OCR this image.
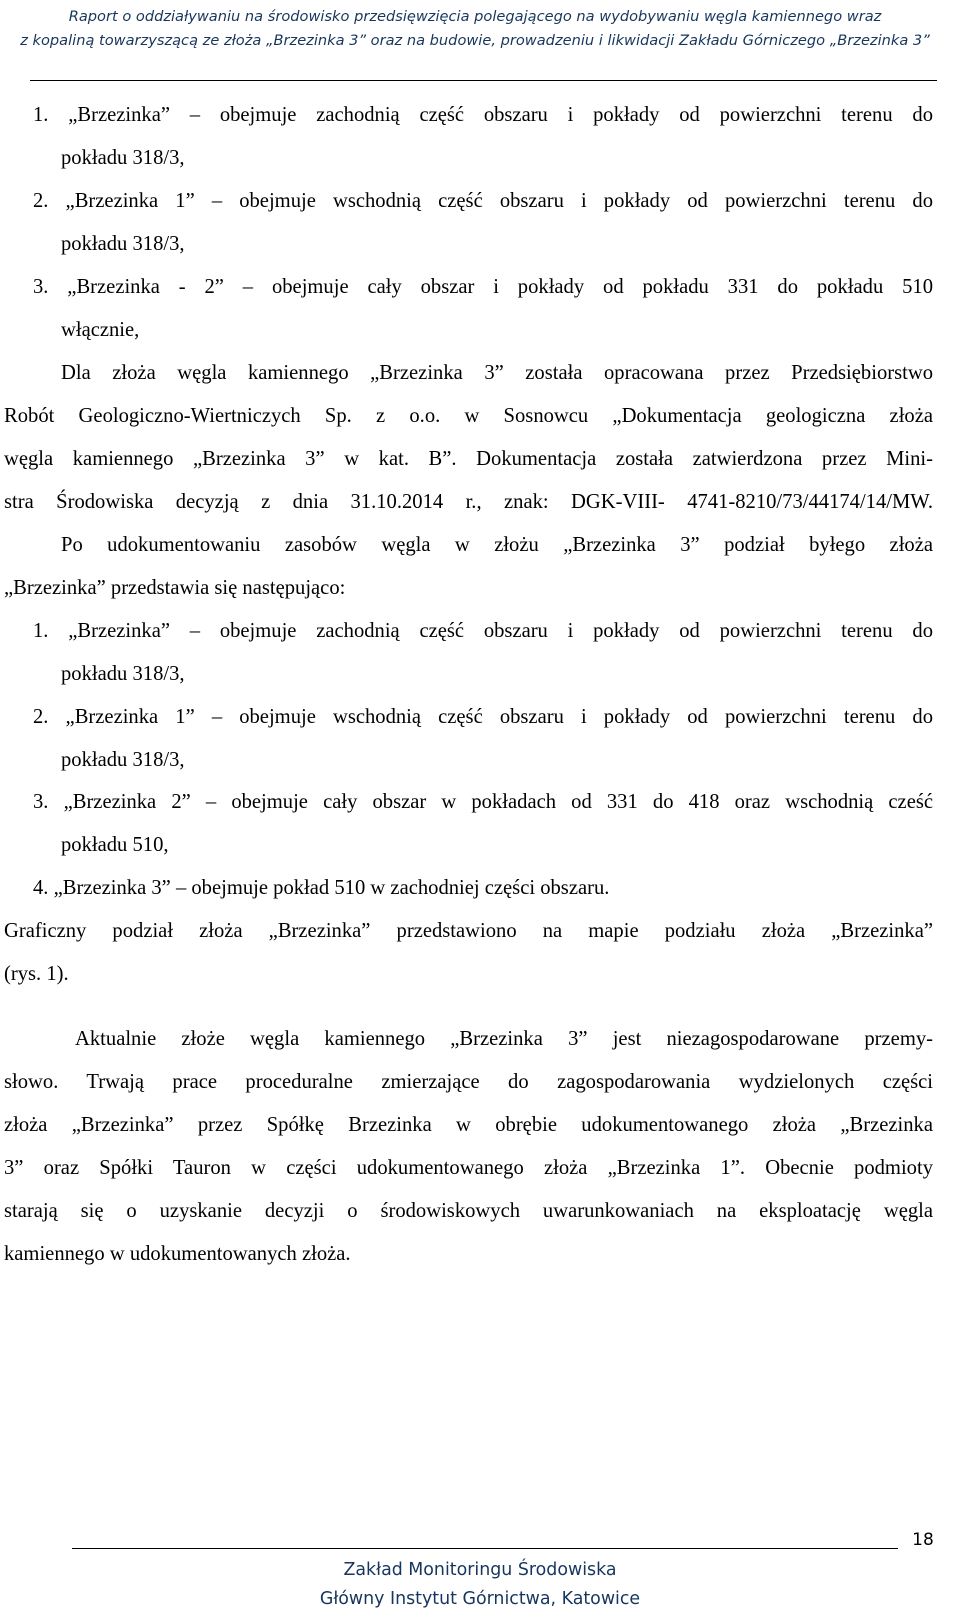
Raport o oddziaływaniu na środowisko przedsięwzięcia polegającego na wydobywaniu węgla kamiennego wraz
z kopaliną towarzyszącą ze złoża „Brzezinka 3” oraz na budowie, prowadzeniu i likwidacji Zakładu Górniczego „Brzezinka 3”
1. „Brzezinka” – obejmuje zachodnią część obszaru i pokłady od powierzchni terenu do
pokładu 318/3,
2. „Brzezinka 1” – obejmuje wschodnią część obszaru i pokłady od powierzchni terenu do
pokładu 318/3,
3. „Brzezinka - 2” – obejmuje cały obszar i pokłady od pokładu 331 do pokładu 510
włącznie,
Dla złoża węgla kamiennego „Brzezinka 3” została opracowana przez Przedsiębiorstwo
Robót Geologiczno-Wiertniczych Sp. z o.o. w Sosnowcu „Dokumentacja geologiczna złoża
węgla kamiennego „Brzezinka 3” w kat. B”. Dokumentacja została zatwierdzona przez Mini-
stra Środowiska decyzją z dnia 31.10.2014 r., znak: DGK-VIII- 4741-8210/73/44174/14/MW.
Po udokumentowaniu zasobów węgla w złożu „Brzezinka 3” podział byłego złoża
„Brzezinka” przedstawia się następująco:
1. „Brzezinka” – obejmuje zachodnią część obszaru i pokłady od powierzchni terenu do
pokładu 318/3,
2. „Brzezinka 1” – obejmuje wschodnią część obszaru i pokłady od powierzchni terenu do
pokładu 318/3,
3. „Brzezinka 2” – obejmuje cały obszar w pokładach od 331 do 418 oraz wschodnią cześć
pokładu 510,
4. „Brzezinka 3” – obejmuje pokład 510 w zachodniej części obszaru.
Graficzny podział złoża „Brzezinka” przedstawiono na mapie podziału złoża „Brzezinka”
(rys. 1).
Aktualnie złoże węgla kamiennego „Brzezinka 3” jest niezagospodarowane przemy-
słowo. Trwają prace proceduralne zmierzające do zagospodarowania wydzielonych części
złoża „Brzezinka” przez Spółkę Brzezinka w obrębie udokumentowanego złoża „Brzezinka
3” oraz Spółki Tauron w części udokumentowanego złoża „Brzezinka 1”. Obecnie podmioty
starają się o uzyskanie decyzji o środowiskowych uwarunkowaniach na eksploatację węgla
kamiennego w udokumentowanych złoża.
18
Zakład Monitoringu Środowiska
Główny Instytut Górnictwa, Katowice
